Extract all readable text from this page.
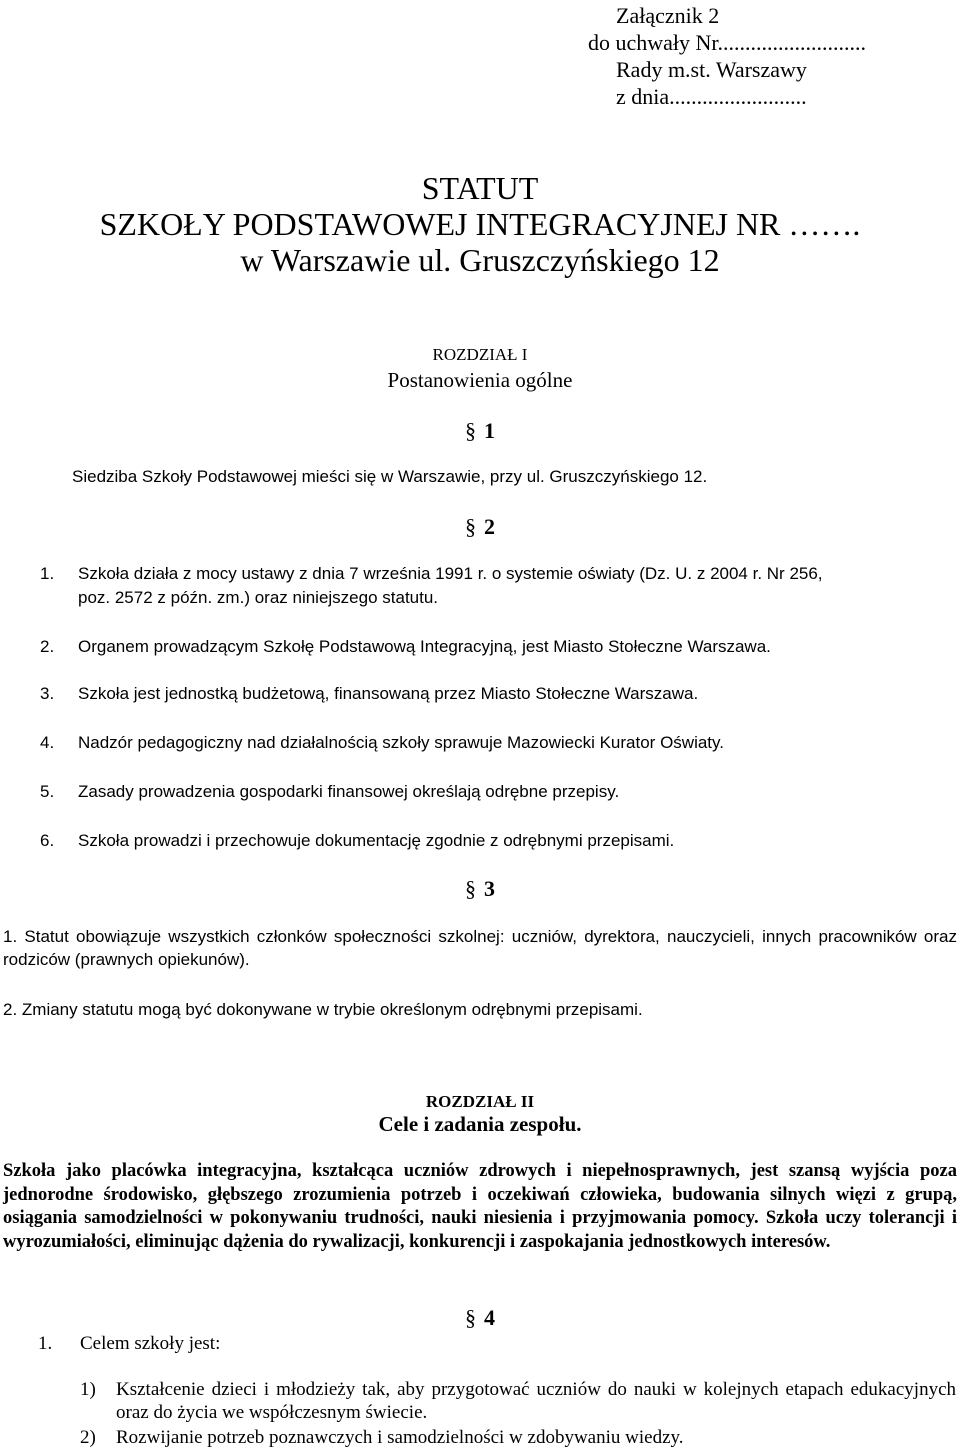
Załącznik 2
do uchwały Nr...........................
Rady m.st. Warszawy
z dnia.........................
STATUT
SZKOŁY PODSTAWOWEJ INTEGRACYJNEJ NR …….
w Warszawie ul. Gruszczyńskiego 12
ROZDZIAŁ I
Postanowienia ogólne
§ 1
Siedziba Szkoły Podstawowej mieści się w Warszawie, przy ul. Gruszczyńskiego 12.
§ 2
1. Szkoła działa z mocy ustawy z dnia 7 września 1991 r. o systemie oświaty (Dz. U. z 2004 r. Nr 256,
poz. 2572 z późn. zm.) oraz niniejszego statutu.
2. Organem prowadzącym Szkołę Podstawową Integracyjną, jest Miasto Stołeczne Warszawa.
3. Szkoła jest jednostką budżetową, finansowaną przez Miasto Stołeczne Warszawa.
4. Nadzór pedagogiczny nad działalnością szkoły sprawuje Mazowiecki Kurator Oświaty.
5. Zasady prowadzenia gospodarki finansowej określają odrębne przepisy.
6. Szkoła prowadzi i przechowuje dokumentację zgodnie z odrębnymi przepisami.
§ 3
1. Statut obowiązuje wszystkich członków społeczności szkolnej: uczniów, dyrektora, nauczycieli, innych pracowników oraz rodziców (prawnych opiekunów).
2. Zmiany statutu mogą być dokonywane w trybie określonym odrębnymi przepisami.
ROZDZIAŁ II
Cele i zadania zespołu.
Szkoła jako placówka integracyjna, kształcąca uczniów zdrowych i niepełnosprawnych, jest szansą wyjścia poza jednorodne środowisko, głębszego zrozumienia potrzeb i oczekiwań człowieka, budowania silnych więzi z grupą, osiągania samodzielności w pokonywaniu trudności, nauki niesienia i przyjmowania pomocy. Szkoła uczy tolerancji i wyrozumiałości, eliminując dążenia do rywalizacji, konkurencji i zaspokajania jednostkowych interesów.
§ 4
1. Celem szkoły jest:
1)	Kształcenie dzieci i młodzieży tak, aby przygotować uczniów do nauki w kolejnych etapach edukacyjnych oraz do życia we współczesnym świecie.
2)	Rozwijanie potrzeb poznawczych i samodzielności w zdobywaniu wiedzy.
